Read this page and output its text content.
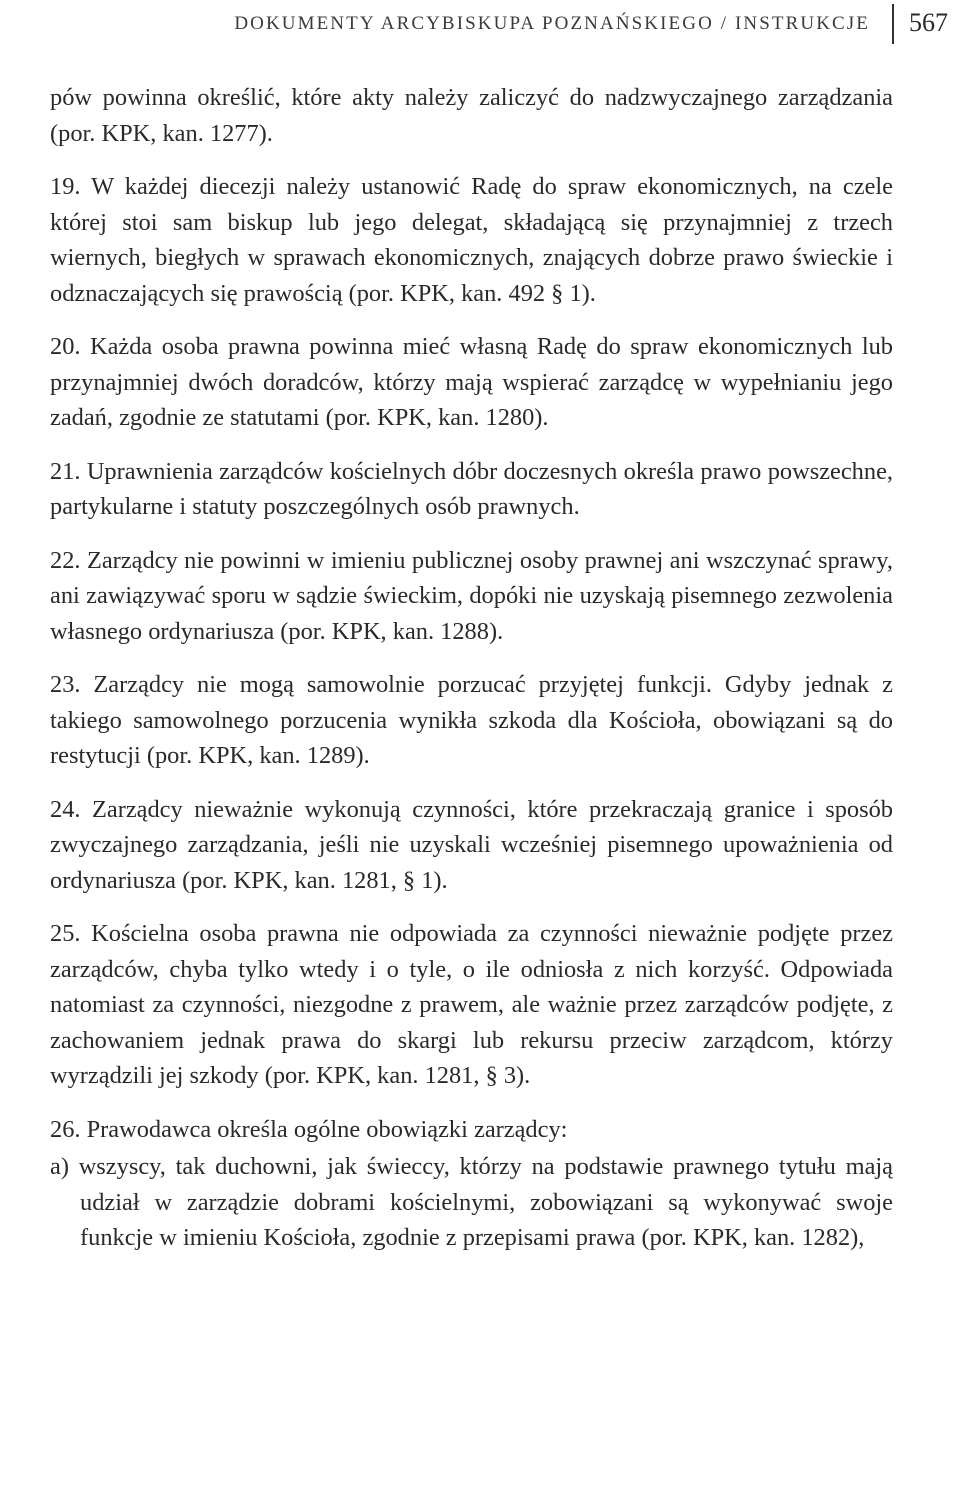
DOKUMENTY ARCYBISKUPA POZNAŃSKIEGO / INSTRUKCJE 567

pów powinna określić, które akty należy zaliczyć do nadzwyczajnego zarządzania (por. KPK, kan. 1277).

19. W każdej diecezji należy ustanowić Radę do spraw ekonomicznych, na czele której stoi sam biskup lub jego delegat, składającą się przynajmniej z trzech wiernych, biegłych w sprawach ekonomicznych, znających dobrze prawo świeckie i odznaczających się prawością (por. KPK, kan. 492 § 1).

20. Każda osoba prawna powinna mieć własną Radę do spraw ekonomicznych lub przynajmniej dwóch doradców, którzy mają wspierać zarządcę w wypełnianiu jego zadań, zgodnie ze statutami (por. KPK, kan. 1280).

21. Uprawnienia zarządców kościelnych dóbr doczesnych określa prawo powszechne, partykularne i statuty poszczególnych osób prawnych.

22. Zarządcy nie powinni w imieniu publicznej osoby prawnej ani wszczynać sprawy, ani zawiązywać sporu w sądzie świeckim, dopóki nie uzyskają pisemnego zezwolenia własnego ordynariusza (por. KPK, kan. 1288).

23. Zarządcy nie mogą samowolnie porzucać przyjętej funkcji. Gdyby jednak z takiego samowolnego porzucenia wynikła szkoda dla Kościoła, obowiązani są do restytucji (por. KPK, kan. 1289).

24. Zarządcy nieważnie wykonują czynności, które przekraczają granice i sposób zwyczajnego zarządzania, jeśli nie uzyskali wcześniej pisemnego upoważnienia od ordynariusza (por. KPK, kan. 1281, § 1).

25. Kościelna osoba prawna nie odpowiada za czynności nieważnie podjęte przez zarządców, chyba tylko wtedy i o tyle, o ile odniosła z nich korzyść. Odpowiada natomiast za czynności, niezgodne z prawem, ale ważnie przez zarządców podjęte, z zachowaniem jednak prawa do skargi lub rekursu przeciw zarządcom, którzy wyrządzili jej szkody (por. KPK, kan. 1281, § 3).

26. Prawodawca określa ogólne obowiązki zarządcy:

a) wszyscy, tak duchowni, jak świeccy, którzy na podstawie prawnego tytułu mają udział w zarządzie dobrami kościelnymi, zobowiązani są wykonywać swoje funkcje w imieniu Kościoła, zgodnie z przepisami prawa (por. KPK, kan. 1282),
